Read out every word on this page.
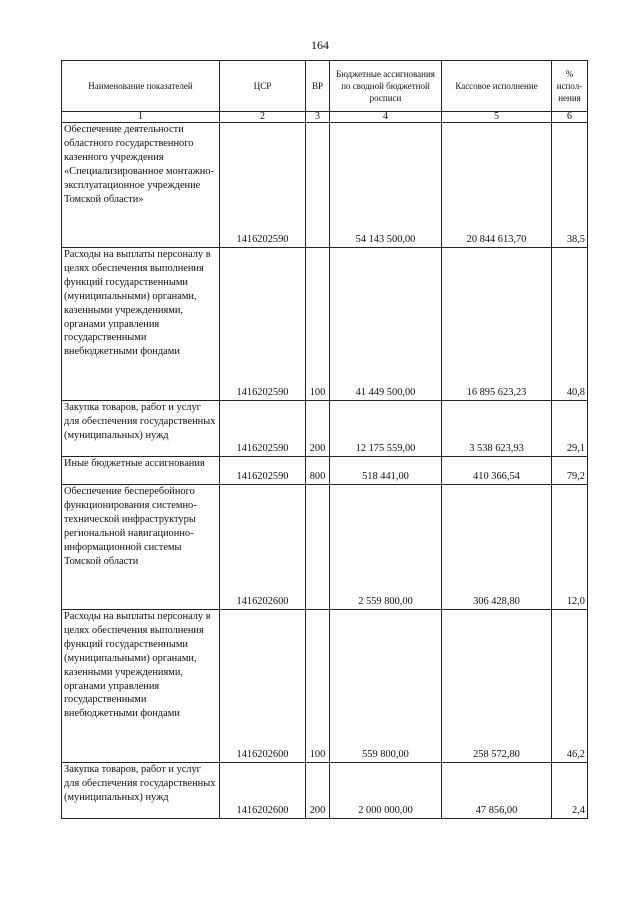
164
Наименование показателей	ЦСР	ВР	Бюджетные ассигнования по сводной бюджетной росписи	Кассовое исполнение	% испол-нения
1	2	3	4	5	6
Обеспечение деятельности областного государственного казенного учреждения «Специализированное монтажно-эксплуатационное учреждение Томской области»	1416202590		54 143 500,00	20 844 613,70	38,5
Расходы на выплаты персоналу в целях обеспечения выполнения функций государственными (муниципальными) органами, казенными учреждениями, органами управления государственными внебюджетными фондами	1416202590	100	41 449 500,00	16 895 623,23	40,8
Закупка товаров, работ и услуг для обеспечения государственных (муниципальных) нужд	1416202590	200	12 175 559,00	3 538 623,93	29,1
Иные бюджетные ассигнования	1416202590	800	518 441,00	410 366,54	79,2
Обеспечение бесперебойного функционирования системно-технической инфраструктуры региональной навигационно-информационной системы Томской области	1416202600		2 559 800,00	306 428,80	12,0
Расходы на выплаты персоналу в целях обеспечения выполнения функций государственными (муниципальными) органами, казенными учреждениями, органами управления государственными внебюджетными фондами	1416202600	100	559 800,00	258 572,80	46,2
Закупка товаров, работ и услуг для обеспечения государственных (муниципальных) нужд	1416202600	200	2 000 000,00	47 856,00	2,4
